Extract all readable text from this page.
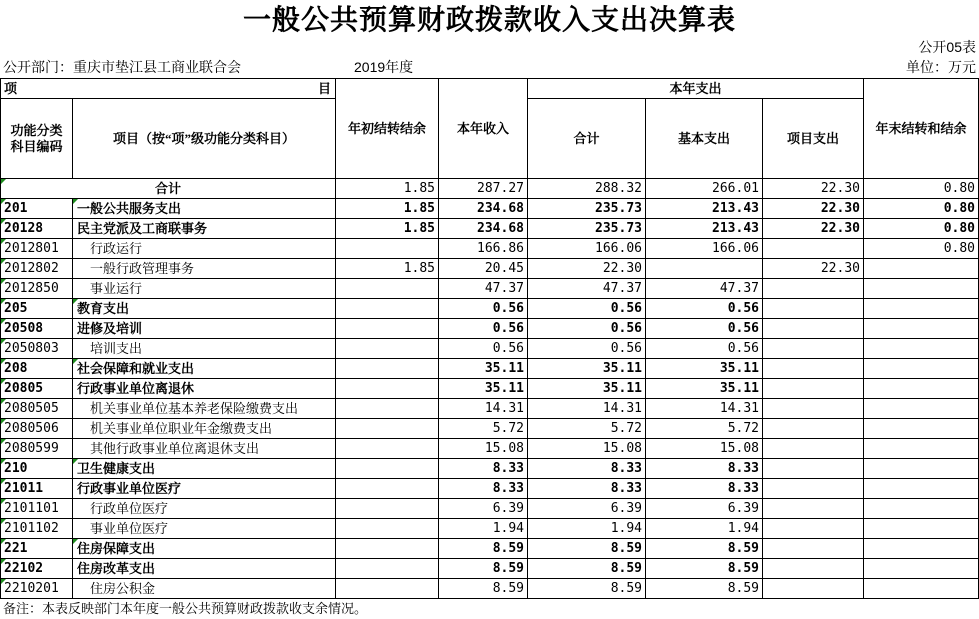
一般公共预算财政拨款收入支出决算表
公开05表
公开部门：重庆市垫江县工商业联合会	2019年度	单位：万元
项 目		年初结转结余	本年收入	本年支出			年末结转和结余

功能分类
科目编码	项目（按“项”级功能分类科目）			合计	基本支出	项目支出	

合计		1.85	287.27	288.32	266.01	22.30	0.80

201	一般公共服务支出	1.85	234.68	235.73	213.43	22.30	0.80

20128	民主党派及工商联事务	1.85	234.68	235.73	213.43	22.30	0.80

2012801	行政运行		166.86	166.06	166.06		0.80

2012802	一般行政管理事务	1.85	20.45	22.30		22.30	

2012850	事业运行		47.37	47.37	47.37		

205	教育支出		0.56	0.56	0.56		

20508	进修及培训		0.56	0.56	0.56		

2050803	培训支出		0.56	0.56	0.56		

208	社会保障和就业支出		35.11	35.11	35.11		

20805	行政事业单位离退休		35.11	35.11	35.11		

2080505	机关事业单位基本养老保险缴费支出		14.31	14.31	14.31		

2080506	机关事业单位职业年金缴费支出		5.72	5.72	5.72		

2080599	其他行政事业单位离退休支出		15.08	15.08	15.08		

210	卫生健康支出		8.33	8.33	8.33		

21011	行政事业单位医疗		8.33	8.33	8.33		

2101101	行政单位医疗		6.39	6.39	6.39		

2101102	事业单位医疗		1.94	1.94	1.94		

221	住房保障支出		8.59	8.59	8.59		

22102	住房改革支出		8.59	8.59	8.59		

2210201	住房公积金		8.59	8.59	8.59		
备注：本表反映部门本年度一般公共预算财政拨款收支余情况。
